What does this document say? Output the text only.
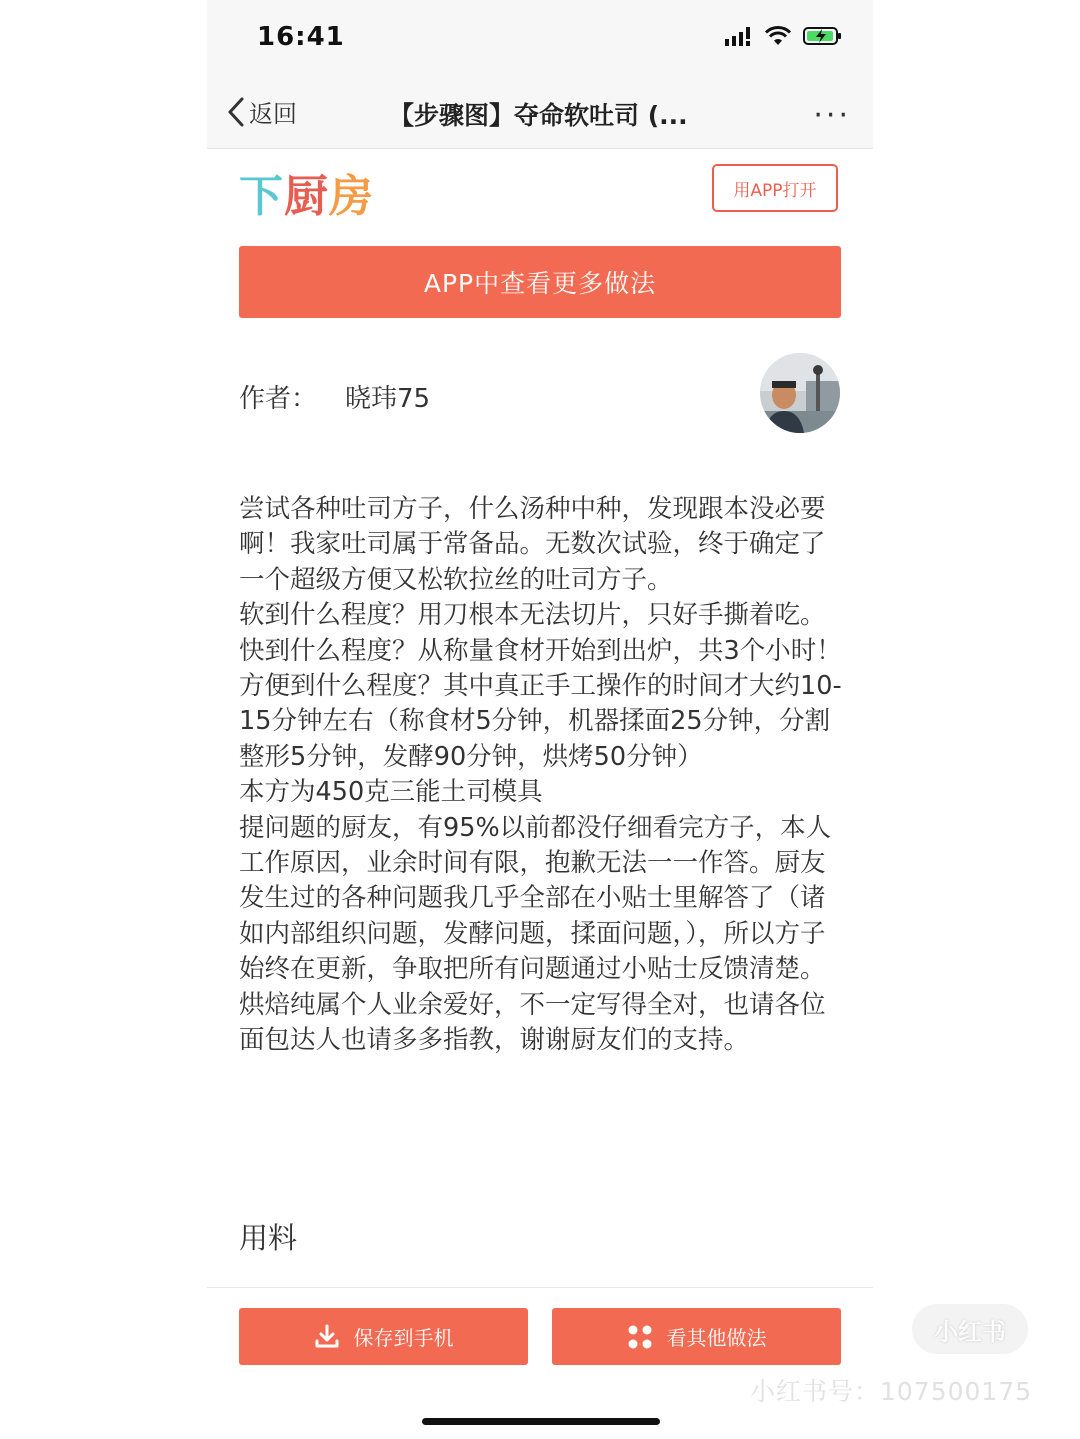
16:41
返回	【步骤图】夺命软吐司 (...	···
下厨房	用APP打开
APP中查看更多做法
作者： 晓玮75

尝试各种吐司方子，什么汤种中种，发现跟本没必要啊！我家吐司属于常备品。无数次试验，终于确定了一个超级方便又松软拉丝的吐司方子。

软到什么程度？用刀根本无法切片，只好手撕着吃。

快到什么程度？从称量食材开始到出炉，共3个小时！

方便到什么程度？其中真正手工操作的时间才大约10-15分钟左右（称食材5分钟，机器揉面25分钟，分割整形5分钟，发酵90分钟，烘烤50分钟）

本方为450克三能土司模具

提问题的厨友，有95%以前都没仔细看完方子，本人工作原因，业余时间有限，抱歉无法一一作答。厨友发生过的各种问题我几乎全部在小贴士里解答了（诸如内部组织问题，发酵问题，揉面问题，），所以方子始终在更新，争取把所有问题通过小贴士反馈清楚。烘焙纯属个人业余爱好，不一定写得全对，也请各位面包达人也请多多指教，谢谢厨友们的支持。

用料
保存到手机	看其他做法	小红书
小红书号：107500175
